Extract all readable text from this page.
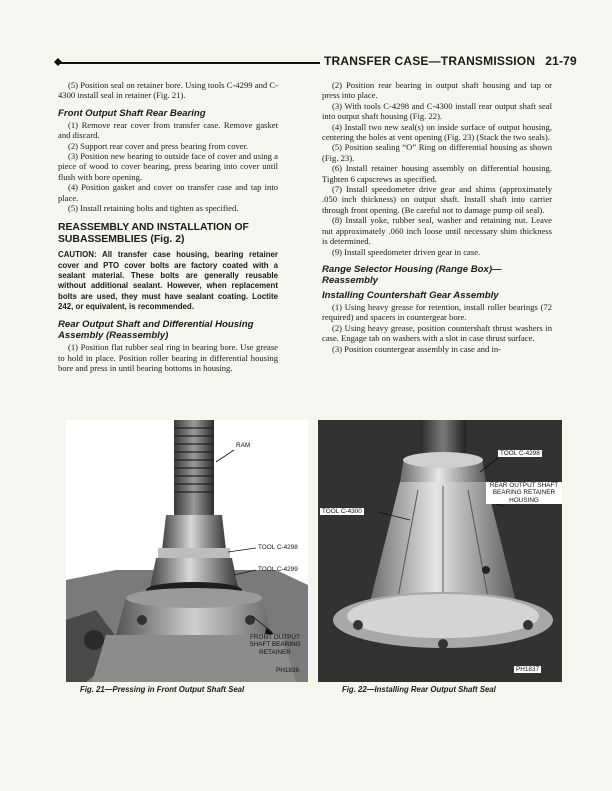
TRANSFER CASE—TRANSMISSION 21-79

(5) Position seal on retainer bore. Using tools C-4299 and C-4300 install seal in retainer (Fig. 21).

Front Output Shaft Rear Bearing

(1) Remove rear cover from transfer case. Remove gasket and discard.

(2) Support rear cover and press bearing from cover.

(3) Position new bearing to outside face of cover and using a piece of wood to cover bearing, press bearing into cover until flush with bore opening.

(4) Position gasket and cover on transfer case and tap into place.

(5) Install retaining bolts and tighten as specified.

REASSEMBLY AND INSTALLATION OF SUBASSEMBLIES (Fig. 2)
CAUTION: All transfer case housing, bearing retainer cover and PTO cover bolts are factory coated with a sealant material. These bolts are generally reusable without additional sealant. However, when replacement bolts are used, they must have sealant coating. Loctite 242, or equivalent, is recommended.
Rear Output Shaft and Differential Housing Assembly (Reassembly)

(1) Position flat rubber seal ring in bearing bore. Use grease to hold in place. Position roller bearing in differential housing bore and press in until bearing bottoms in housing.

(2) Position rear bearing in output shaft housing and tap or press into place.

(3) With tools C-4298 and C-4300 install rear output shaft seal into output shaft housing (Fig. 22).

(4) Install two new seal(s) on inside surface of output housing, centering the holes at vent opening (Fig. 23) (Stack the two seals).

(5) Position sealing “O” Ring on differential housing as shown (Fig. 23).

(6) Install retainer housing assembly on differential housing. Tighten 6 capscrews as specified.

(7) Install speedometer drive gear and shims (approximately .050 inch thickness) on output shaft. Install shaft into carrier through front opening. (Be careful not to damage pump oil seal).

(8) Install yoke, rubber seal, washer and retaining nut. Leave nut approximately .060 inch loose until necessary shim thickness is determined.

(9) Install speedometer driven gear in case.

Range Selector Housing (Range Box)—Reassembly
Installing Countershaft Gear Assembly

(1) Using heavy grease for retention, install roller bearings (72 required) and spacers in countergear bore.

(2) Using heavy grease, position countershaft thrust washers in case. Engage tab on washers with a slot in case thrust surface.

(3) Position countergear assembly in case and in-

RAM
TOOL C-4298
TOOL C-4299
FRONT OUTPUT SHAFT BEARING RETAINER
PH1836
Fig. 21—Pressing in Front Output Shaft Seal
TOOL C-4298
TOOL C-4300
REAR OUTPUT SHAFT BEARING RETAINER HOUSING
PH1837
Fig. 22—Installing Rear Output Shaft Seal
